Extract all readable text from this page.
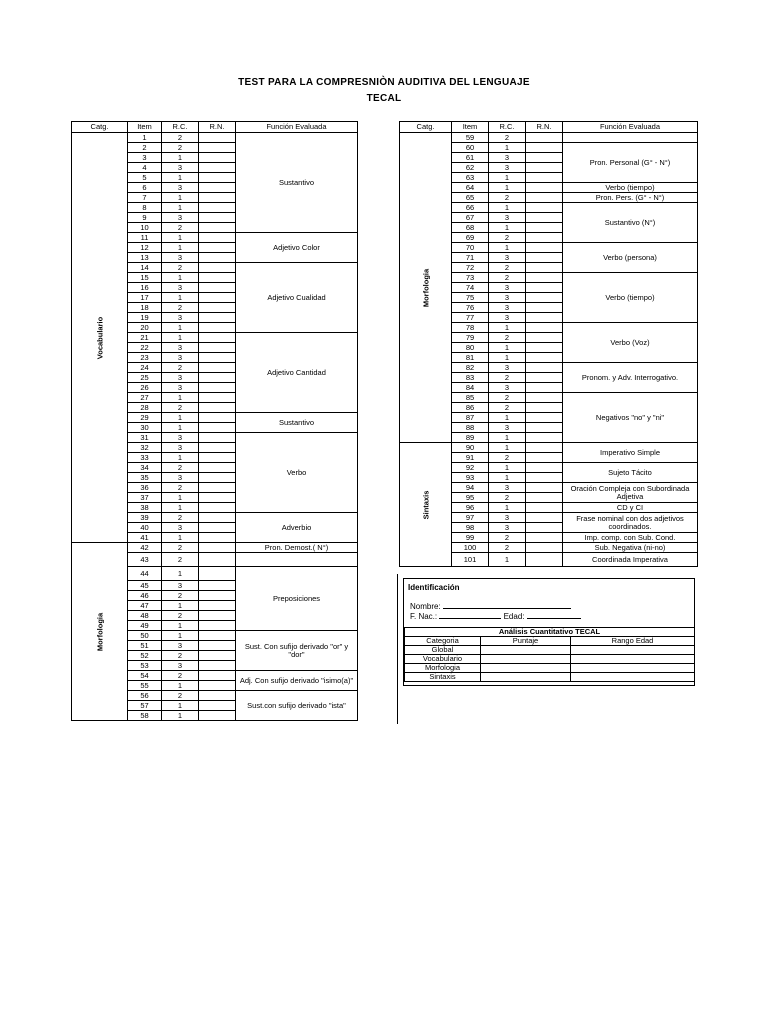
TEST PARA LA COMPRESNIÒN AUDITIVA DEL LENGUAJE
TECAL
Catg.	Item	R.C.	R.N.	Función Evaluada

Vocabulario	1	2		Sustantivo
	2	2		
	3	1		
	4	3		
	5	1		
	6	3		
	7	1		
	8	1		
	9	3		
	10	2		
	11	1		Adjetivo Color
	12	1		
	13	3		
	14	2		Adjetivo Cualidad
	15	1		
	16	3		
	17	1		
	18	2		
	19	3		
	20	1		
	21	1		Adjetivo Cantidad
	22	3		
	23	3		
	24	2		
	25	3		
	26	3		
	27	1		
	28	2		
	29	1		Sustantivo
	30	1		
	31	3		Verbo
	32	3		
	33	1		
	34	2		
	35	3		
	36	2		
	37	1		
	38	1		
	39	2		Adverbio
	40	3		
	41	1		

Morfologia	42	2		Pron. Demost.( N°)
	43	2		
	44	1		Preposiciones
	45	3		
	46	2		
	47	1		
	48	2		
	49	1		
	50	1		Sust. Con sufijo derivado "or" y "dor"
	51	3		
	52	2		
	53	3		
	54	2		Adj. Con sufijo derivado "isimo(a)"
	55	1		
	56	2		Sust.con sufijo derivado "ista"
	57	1		
	58	1		
Catg.	Item	R.C.	R.N.	Función Evaluada

Morfologia	59	2		
	60	1		Pron. Personal (G° - N°)
	61	3		
	62	3		
	63	1		
	64	1		Verbo (tiempo)
	65	2		Pron. Pers. (G° - N°)
	66	1		Sustantivo (N°)
	67	3		
	68	1		
	69	2		
	70	1		Verbo (persona)
	71	3		
	72	2		
	73	2		Verbo (tiempo)
	74	3		
	75	3		
	76	3		
	77	3		
	78	1		Verbo (Voz)
	79	2		
	80	1		
	81	1		
	82	3		Pronom. y Adv. Interrogativo.
	83	2		
	84	3		
	85	2		Negativos "no" y "ni"
	86	2		
	87	1		
	88	3		
	89	1		

Sintaxis	90	1		Imperativo Simple
	91	2		
	92	1		Sujeto Tácito
	93	1		
	94	3		Oración Compleja con Subordinada Adjetiva
	95	2		
	96	1		CD y CI
	97	3		Frase nominal con dos adjetivos coordinados.
	98	3		
	99	2		Imp. comp. con Sub. Cond.
	100	2		Sub. Negativa (ni-no)
	101	1		Coordinada Imperativa
Identificación
Nombre:
F. Nac.:	Edad:
Análisis Cuantitativo TECAL		
Categoria	Puntaje	Rango Edad
Global		
Vocabulario		
Morfologia		
Sintaxis		
